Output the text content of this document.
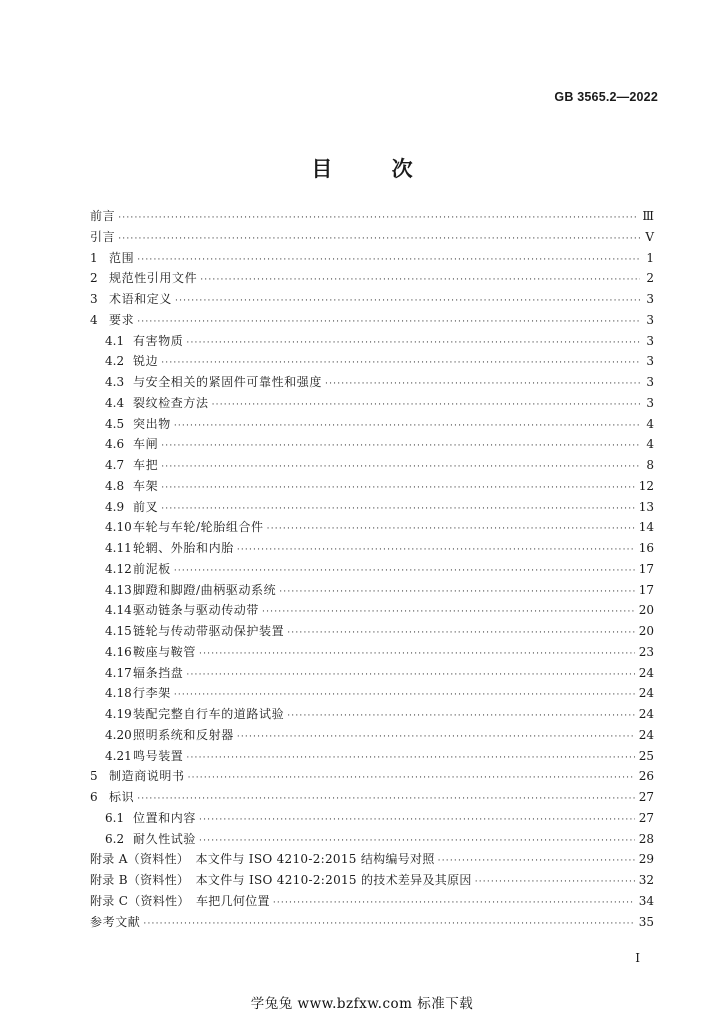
GB 3565.2—2022
目 次
前言 ·····	Ⅲ
引言 ·····	Ⅴ
1 范围 ·····	1
2 规范性引用文件 ·····	2
3 术语和定义 ·····	3
4 要求 ·····	3
4.1 有害物质 ·····	3
4.2 锐边 ·····	3
4.3 与安全相关的紧固件可靠性和强度 ·····	3
4.4 裂纹检查方法 ·····	3
4.5 突出物 ·····	4
4.6 车闸 ·····	4
4.7 车把 ·····	8
4.8 车架 ·····	12
4.9 前叉 ·····	13
4.10 车轮与车轮/轮胎组合件 ·····	14
4.11 轮辋、外胎和内胎 ·····	16
4.12 前泥板 ·····	17
4.13 脚蹬和脚蹬/曲柄驱动系统 ·····	17
4.14 驱动链条与驱动传动带 ·····	20
4.15 链轮与传动带驱动保护装置 ·····	20
4.16 鞍座与鞍管 ·····	23
4.17 辐条挡盘 ·····	24
4.18 行李架 ·····	24
4.19 装配完整自行车的道路试验 ·····	24
4.20 照明系统和反射器 ·····	24
4.21 鸣号装置 ·····	25
5 制造商说明书 ·····	26
6 标识 ·····	27
6.1 位置和内容 ·····	27
6.2 耐久性试验 ·····	28
附录 A（资料性）　本文件与 ISO 4210-2:2015 结构编号对照 ·····	29
附录 B（资料性）　本文件与 ISO 4210-2:2015 的技术差异及其原因 ·····	32
附录 C（资料性）　车把几何位置 ·····	34
参考文献 ·····	35
Ⅰ
学兔兔 www.bzfxw.com 标准下载
